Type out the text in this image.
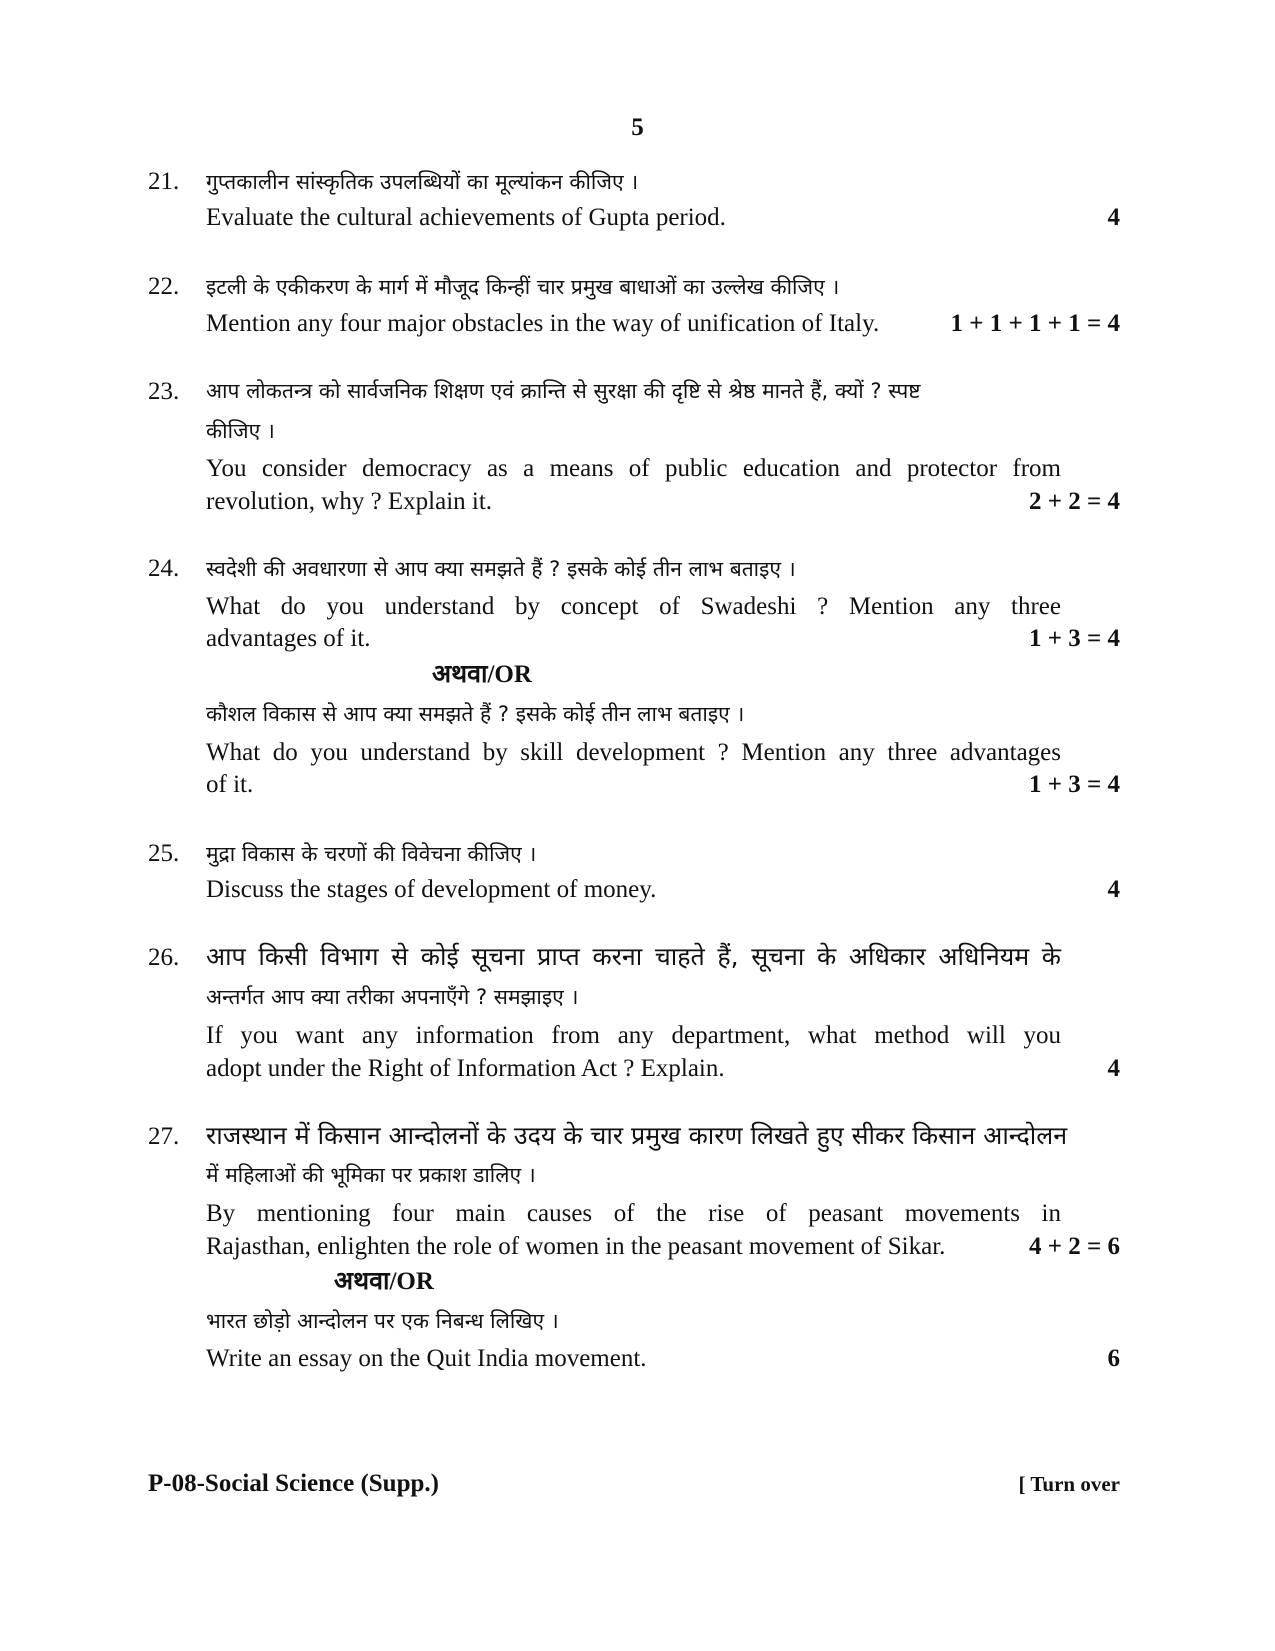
5
21. गुप्तकालीन सांस्कृतिक उपलब्धियों का मूल्यांकन कीजिए ।
Evaluate the cultural achievements of Gupta period.	4
22. इटली के एकीकरण के मार्ग में मौजूद किन्हीं चार प्रमुख बाधाओं का उल्लेख कीजिए ।
Mention any four major obstacles in the way of unification of Italy.	1 + 1 + 1 + 1 = 4
23. आप लोकतन्त्र को सार्वजनिक शिक्षण एवं क्रान्ति से सुरक्षा की दृष्टि से श्रेष्ठ मानते हैं, क्यों ? स्पष्ट
कीजिए ।
You consider democracy as a means of public education and protector from
revolution, why ? Explain it.	2 + 2 = 4
24. स्वदेशी की अवधारणा से आप क्या समझते हैं ? इसके कोई तीन लाभ बताइए ।
What do you understand by concept of Swadeshi ? Mention any three
advantages of it.	1 + 3 = 4
अथवा/OR
कौशल विकास से आप क्या समझते हैं ? इसके कोई तीन लाभ बताइए ।
What do you understand by skill development ? Mention any three advantages
of it.	1 + 3 = 4
25. मुद्रा विकास के चरणों की विवेचना कीजिए ।
Discuss the stages of development of money.	4
26. आप किसी विभाग से कोई सूचना प्राप्त करना चाहते हैं, सूचना के अधिकार अधिनियम के
अन्तर्गत आप क्या तरीका अपनाएँगे ? समझाइए ।
If you want any information from any department, what method will you
adopt under the Right of Information Act ? Explain.	4
27. राजस्थान में किसान आन्दोलनों के उदय के चार प्रमुख कारण लिखते हुए सीकर किसान आन्दोलन
में महिलाओं की भूमिका पर प्रकाश डालिए ।
By mentioning four main causes of the rise of peasant movements in
Rajasthan, enlighten the role of women in the peasant movement of Sikar.	4 + 2 = 6
अथवा/OR
भारत छोड़ो आन्दोलन पर एक निबन्ध लिखिए ।
Write an essay on the Quit India movement.	6
P-08-Social Science (Supp.)	[ Turn over
